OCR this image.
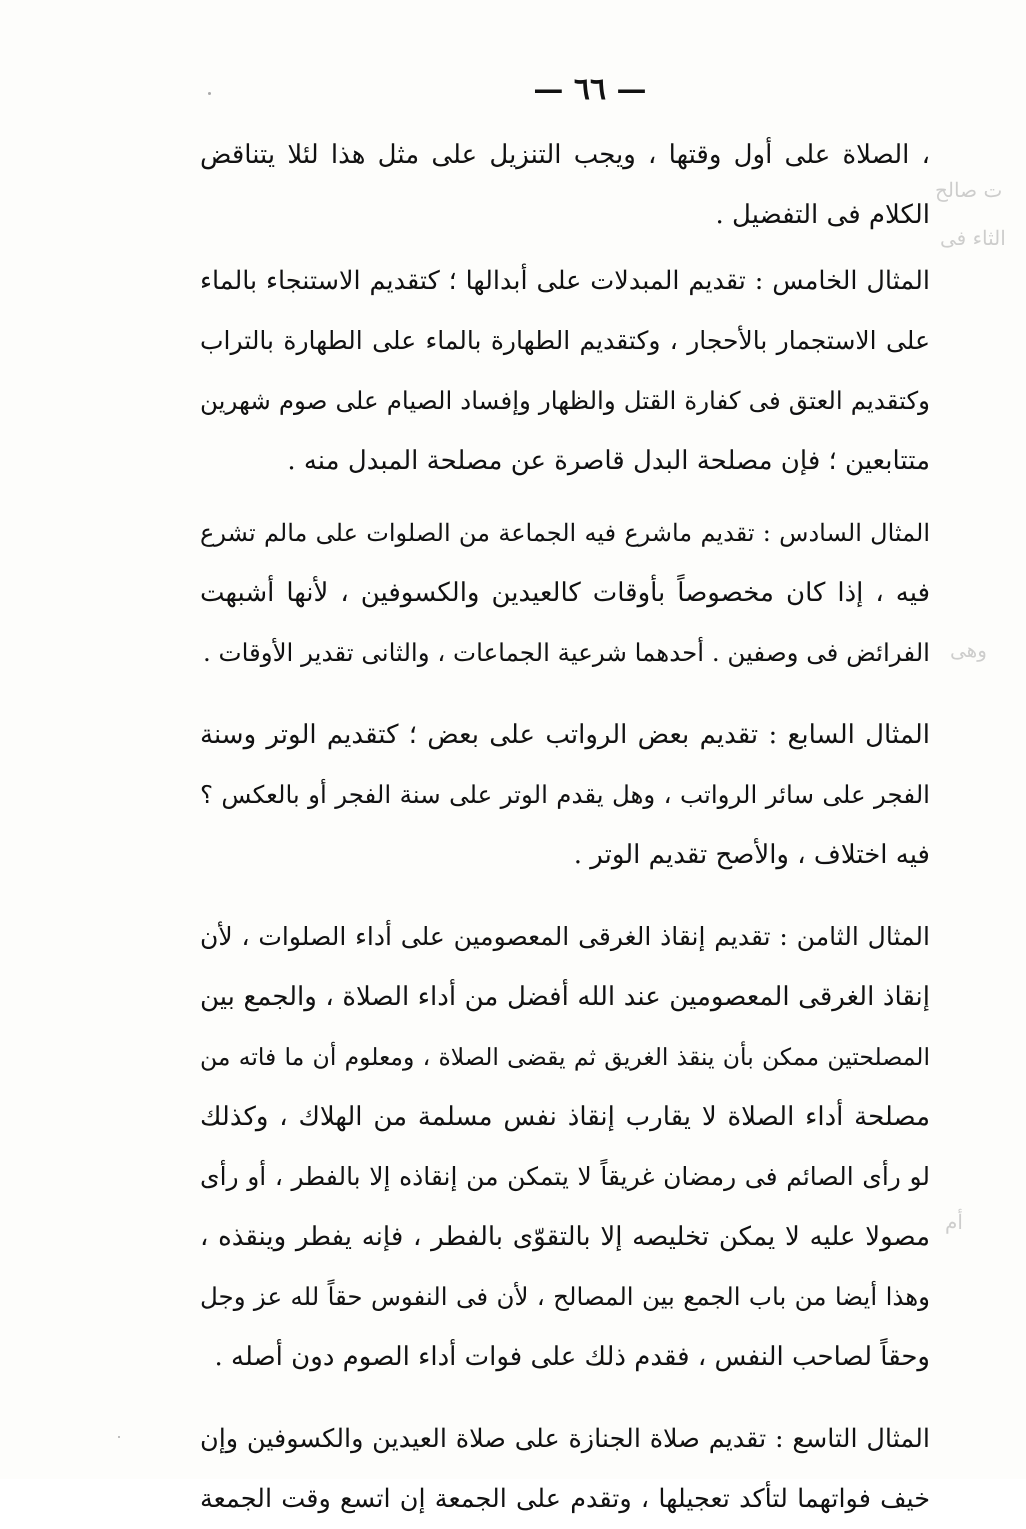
— ٦٦ —
ت صالح
الثاء فى
وهى
أم
، الصلاة على أول وقتها ، ويجب التنزيل على مثل هذا لئلا يتناقض
الكلام فى التفضيل .
المثال الخامس : تقديم المبدلات على أبدالها ؛ كتقديم الاستنجاء بالماء
على الاستجمار بالأحجار ، وكتقديم الطهارة بالماء على الطهارة بالتراب
وكتقديم العتق فى كفارة القتل والظهار وإفساد الصيام على صوم شهرين
متتابعين ؛ فإن مصلحة البدل قاصرة عن مصلحة المبدل منه .
المثال السادس : تقديم ماشرع فيه الجماعة من الصلوات على مالم تشرع
فيه ، إذا كان مخصوصاً بأوقات كالعيدين والكسوفين ، لأنها أشبهت
الفرائض فى وصفين . أحدهما شرعية الجماعات ، والثانى تقدير الأوقات .
المثال السابع : تقديم بعض الرواتب على بعض ؛ كتقديم الوتر وسنة
الفجر على سائر الرواتب ، وهل يقدم الوتر على سنة الفجر أو بالعكس ؟
فيه اختلاف ، والأصح تقديم الوتر .
المثال الثامن : تقديم إنقاذ الغرقى المعصومين على أداء الصلوات ، لأن
إنقاذ الغرقى المعصومين عند الله أفضل من أداء الصلاة ، والجمع بين
المصلحتين ممكن بأن ينقذ الغريق ثم يقضى الصلاة ، ومعلوم أن ما فاته من
مصلحة أداء الصلاة لا يقارب إنقاذ نفس مسلمة من الهلاك ، وكذلك
لو رأى الصائم فى رمضان غريقاً لا يتمكن من إنقاذه إلا بالفطر ، أو رأى
مصولا عليه لا يمكن تخليصه إلا بالتقوّى بالفطر ، فإنه يفطر وينقذه ،
وهذا أيضا من باب الجمع بين المصالح ، لأن فى النفوس حقاً لله عز وجل
وحقاً لصاحب النفس ، فقدم ذلك على فوات أداء الصوم دون أصله .
المثال التاسع : تقديم صلاة الجنازة على صلاة العيدين والكسوفين وإن
خيف فواتهما لتأكد تعجيلها ، وتقدم على الجمعة إن اتسع وقت الجمعة
